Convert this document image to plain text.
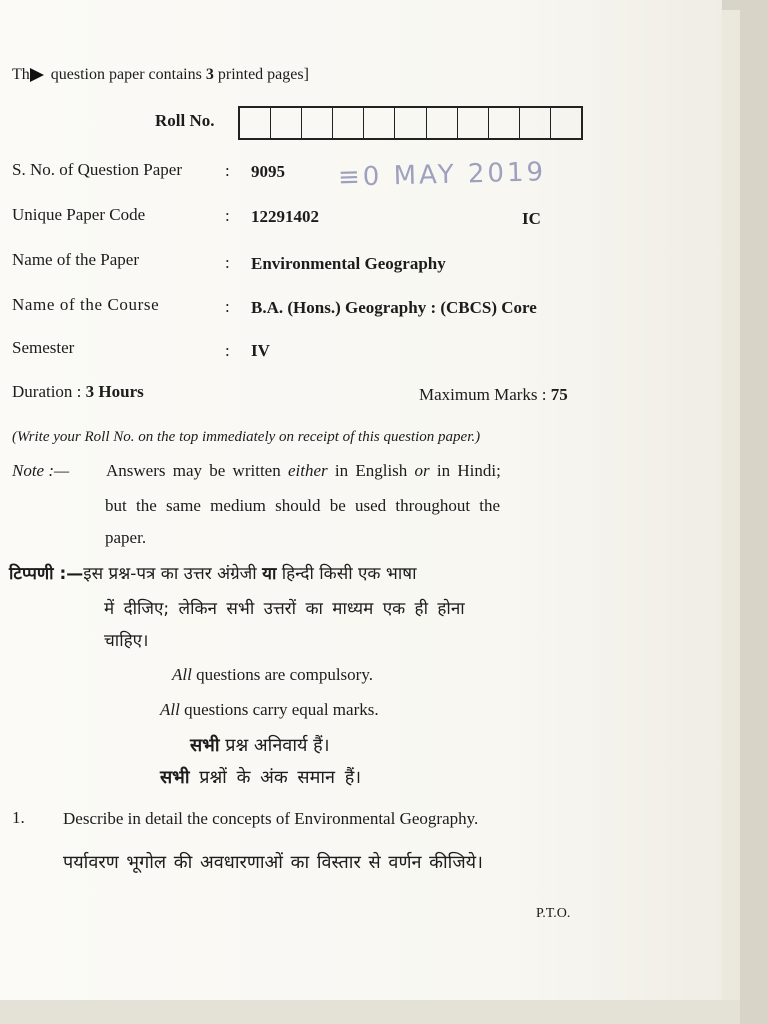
Th question paper contains 3 printed pages]
Roll No.
≡0 MAY 2019
S. No. of Question Paper	: 9095
Unique Paper Code	: 12291402	IC
Name of the Paper	: Environmental Geography
Name of the Course	: B.A. (Hons.) Geography : (CBCS) Core
Semester	: IV
Duration : 3 Hours	Maximum Marks : 75
(Write your Roll No. on the top immediately on receipt of this question paper.)
Note :— Answers may be written either in English or in Hindi;
but the same medium should be used throughout the
paper.
टिप्पणी :—इस प्रश्न-पत्र का उत्तर अंग्रेजी या हिन्दी किसी एक भाषा
में दीजिए; लेकिन सभी उत्तरों का माध्यम एक ही होना
चाहिए।
All questions are compulsory.
All questions carry equal marks.
सभी प्रश्न अनिवार्य हैं।
सभी प्रश्नों के अंक समान हैं।
1. Describe in detail the concepts of Environmental Geography.
पर्यावरण भूगोल की अवधारणाओं का विस्तार से वर्णन कीजिये।
P.T.O.
